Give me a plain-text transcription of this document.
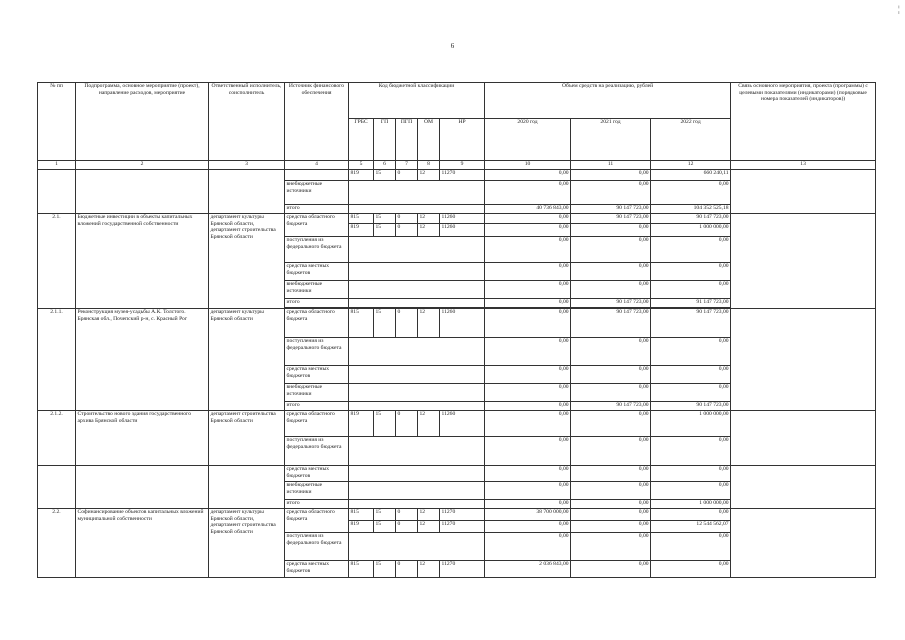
¦
6
№ пп	Подпрограмма, основное мероприятие (проект), направление расходов, мероприятие	Ответственный исполнитель, соисполнитель	Источник финансового обеспечения	Код бюджетной классификации					Объем средств на реализацию, рублей			Связь основного мероприятия, проекта (программы) с целевыми показателями (индикаторами) (порядковые номера показателей (индикаторов))
				ГРБС	ГП	ПГП	ОМ	НР	2020 год	2021 год	2022 год	
1	2	3	4	5	6	7	8	9	10	11	12	13
				819	15	0	12	11270	0,00	0,00	660 240,11	
			внебюджетные источники						0,00	0,00	0,00	
			итого						40 736 843,00	90 147 723,00	104 352 525,18	
2.1.	Бюджетные инвестиции в объекты капитальных вложений государственной собственности	департамент культуры Брянской области, департамент строительства Брянской области	средства областного бюджета	815	15	0	12	11260	0,00	90 147 723,00	90 147 723,00	
				819	15	0	12	11260	0,00	0,00	1 000 000,00	
			поступления из федерального бюджета						0,00	0,00	0,00	
			средства местных бюджетов						0,00	0,00	0,00	
			внебюджетные источники						0,00	0,00	0,00	
			итого						0,00	90 147 723,00	91 147 723,00	

2.1.1.	Реконструкция музея-усадьбы А.К. Толстого. Брянская обл., Почепский р-н, с. Красный Рог	департамент культуры Брянской области	средства областного бюджета	815	15	0	12	11260	0,00	90 147 723,00	90 147 723,00	
			поступления из федерального бюджета						0,00	0,00	0,00	
			средства местных бюджетов						0,00	0,00	0,00	
			внебюджетные источники						0,00	0,00	0,00	
			итого						0,00	90 147 723,00	90 147 723,00	
2.1.2.	Строительство нового здания государственного архива Брянской области	департамент строительства Брянской области	средства областного бюджета	819	15	0	12	11260	0,00	0,00	1 000 000,00	
			поступления из федерального бюджета						0,00	0,00	0,00	
			средства местных бюджетов						0,00	0,00	0,00	
			внебюджетные источники						0,00	0,00	0,00	
			итого						0,00	0,00	1 000 000,00	
2.2.	Софинансирование объектов капитальных вложений муниципальной собственности	департамент культуры Брянской области, департамент строительства Брянской области	средства областного бюджета	815	15	0	12	11270	38 700 000,00	0,00	0,00	
				819	15	0	12	11270	0,00	0,00	12 544 562,07	
			поступления из федерального бюджета						0,00	0,00	0,00	
			средства местных бюджетов	815	15	0	12	11270	2 036 843,00	0,00	0,00	
